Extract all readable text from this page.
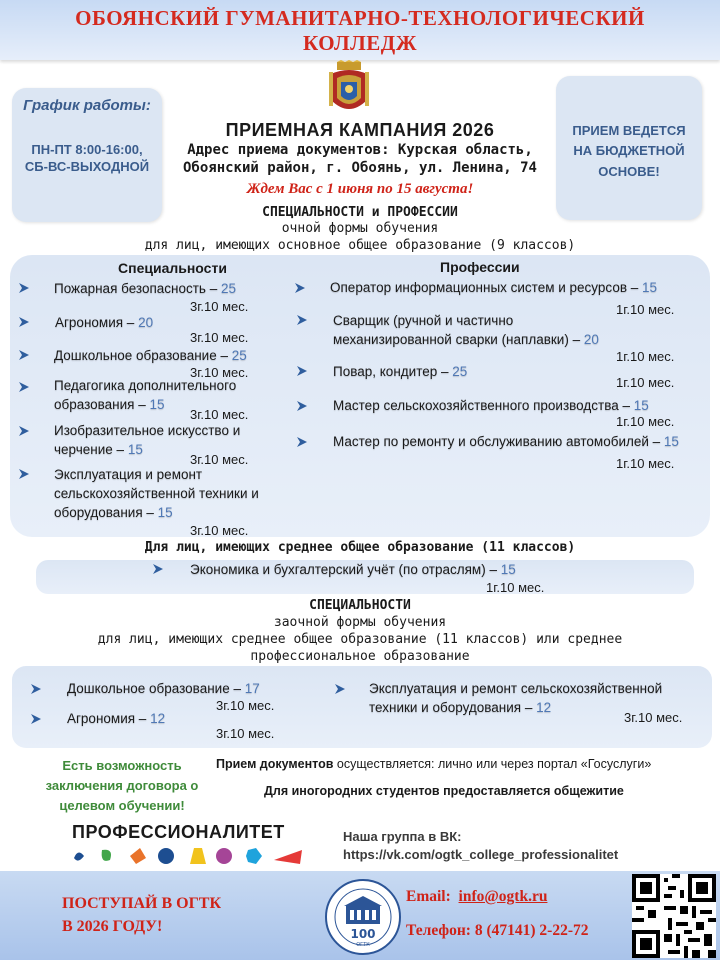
ОБОЯНСКИЙ ГУМАНИТАРНО-ТЕХНОЛОГИЧЕСКИЙ
КОЛЛЕДЖ
График работы:
ПН-ПТ 8:00-16:00,
СБ-ВС-ВЫХОДНОЙ
ПРИЕМ ВЕДЕТСЯ
НА БЮДЖЕТНОЙ
ОСНОВЕ!
ПРИЕМНАЯ КАМПАНИЯ 2026
Адрес приема документов: Курская область,
Обоянский район, г. Обоянь, ул. Ленина, 74
Ждем Вас с 1 июня по 15 августа!
СПЕЦИАЛЬНОСТИ и ПРОФЕССИИ
очной формы обучения
для лиц, имеющих основное общее образование (9 классов)
Специальности	Профессии
Пожарная безопасность – 25
3г.10 мес.
Агрономия – 20
3г.10 мес.
Дошкольное образование – 25
3г.10 мес.
Педагогика дополнительного
образования – 15
3г.10 мес.
Изобразительное искусство и
черчение – 15
3г.10 мес.
Эксплуатация и ремонт
сельскохозяйственной техники и
оборудования – 15
3г.10 мес.
Оператор информационных систем и ресурсов – 15
1г.10 мес.
Сварщик (ручной и частично
механизированной сварки (наплавки) – 20
1г.10 мес.
Повар, кондитер – 25
1г.10 мес.
Мастер сельскохозяйственного производства – 15
1г.10 мес.
Мастер по ремонту и обслуживанию автомобилей – 15
1г.10 мес.
Для лиц, имеющих среднее общее образование (11 классов)
Экономика и бухгалтерский учёт (по отраслям) – 15
1г.10 мес.
СПЕЦИАЛЬНОСТИ
заочной формы обучения
для лиц, имеющих среднее общее образование (11 классов) или среднее
профессиональное образование
Дошкольное образование – 17
3г.10 мес.
Агрономия – 12
3г.10 мес.
Эксплуатация и ремонт сельскохозяйственной
техники и оборудования – 12
3г.10 мес.
Есть возможность
заключения договора о
целевом обучении!
Прием документов осуществляется: лично или через портал «Госуслуги»
Для иногородних студентов предоставляется общежитие
ПРОФЕССИОНАЛИТЕТ	Наша группа в ВК:
https://vk.com/ogtk_college_professionalitet
ПОСТУПАЙ В ОГТК
В 2026 ГОДУ!	100
ОГТК
Email: info@ogtk.ru
Телефон: 8 (47141) 2-22-72
